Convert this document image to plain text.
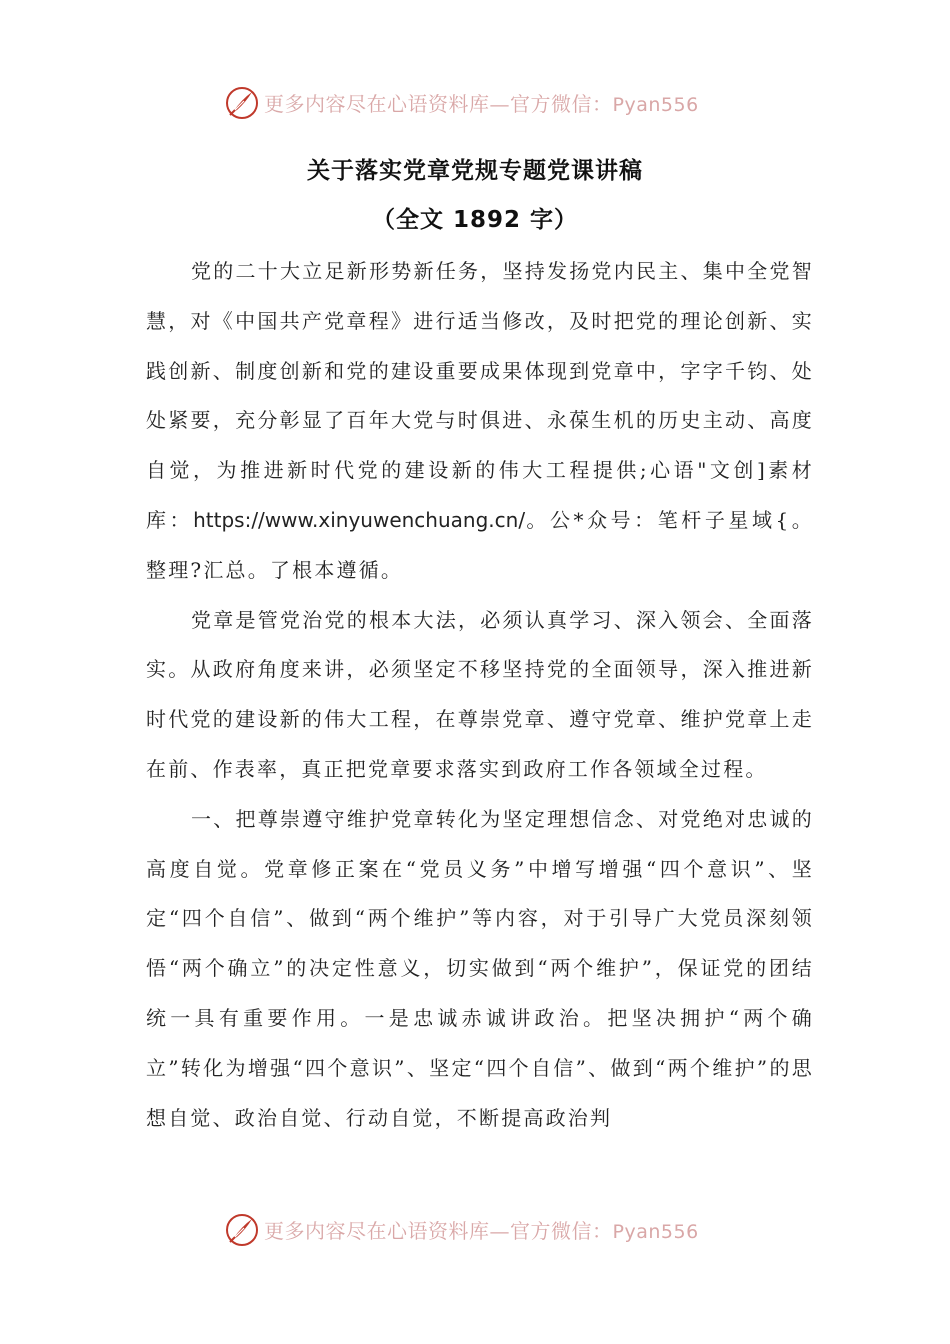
更多内容尽在心语资料库—官方微信：Pyan556
关于落实党章党规专题党课讲稿
（全文 1892 字）

党的二十大立足新形势新任务，坚持发扬党内民主、集中全党智慧，对《中国共产党章程》进行适当修改，及时把党的理论创新、实践创新、制度创新和党的建设重要成果体现到党章中，字字千钧、处处紧要，充分彰显了百年大党与时俱进、永葆生机的历史主动、高度自觉，为推进新时代党的建设新的伟大工程提供;心语"文创]素材库：https://www.xinyuwenchuang.cn/。公*众号：笔杆子星域{。整理?汇总。了根本遵循。

党章是管党治党的根本大法，必须认真学习、深入领会、全面落实。从政府角度来讲，必须坚定不移坚持党的全面领导，深入推进新时代党的建设新的伟大工程，在尊崇党章、遵守党章、维护党章上走在前、作表率，真正把党章要求落实到政府工作各领域全过程。

一、把尊崇遵守维护党章转化为坚定理想信念、对党绝对忠诚的高度自觉。党章修正案在“党员义务”中增写增强“四个意识”、坚定“四个自信”、做到“两个维护”等内容，对于引导广大党员深刻领悟“两个确立”的决定性意义，切实做到“两个维护”，保证党的团结统一具有重要作用。一是忠诚赤诚讲政治。把坚决拥护“两个确立”转化为增强“四个意识”、坚定“四个自信”、做到“两个维护”的思想自觉、政治自觉、行动自觉，不断提高政治判

更多内容尽在心语资料库—官方微信：Pyan556
